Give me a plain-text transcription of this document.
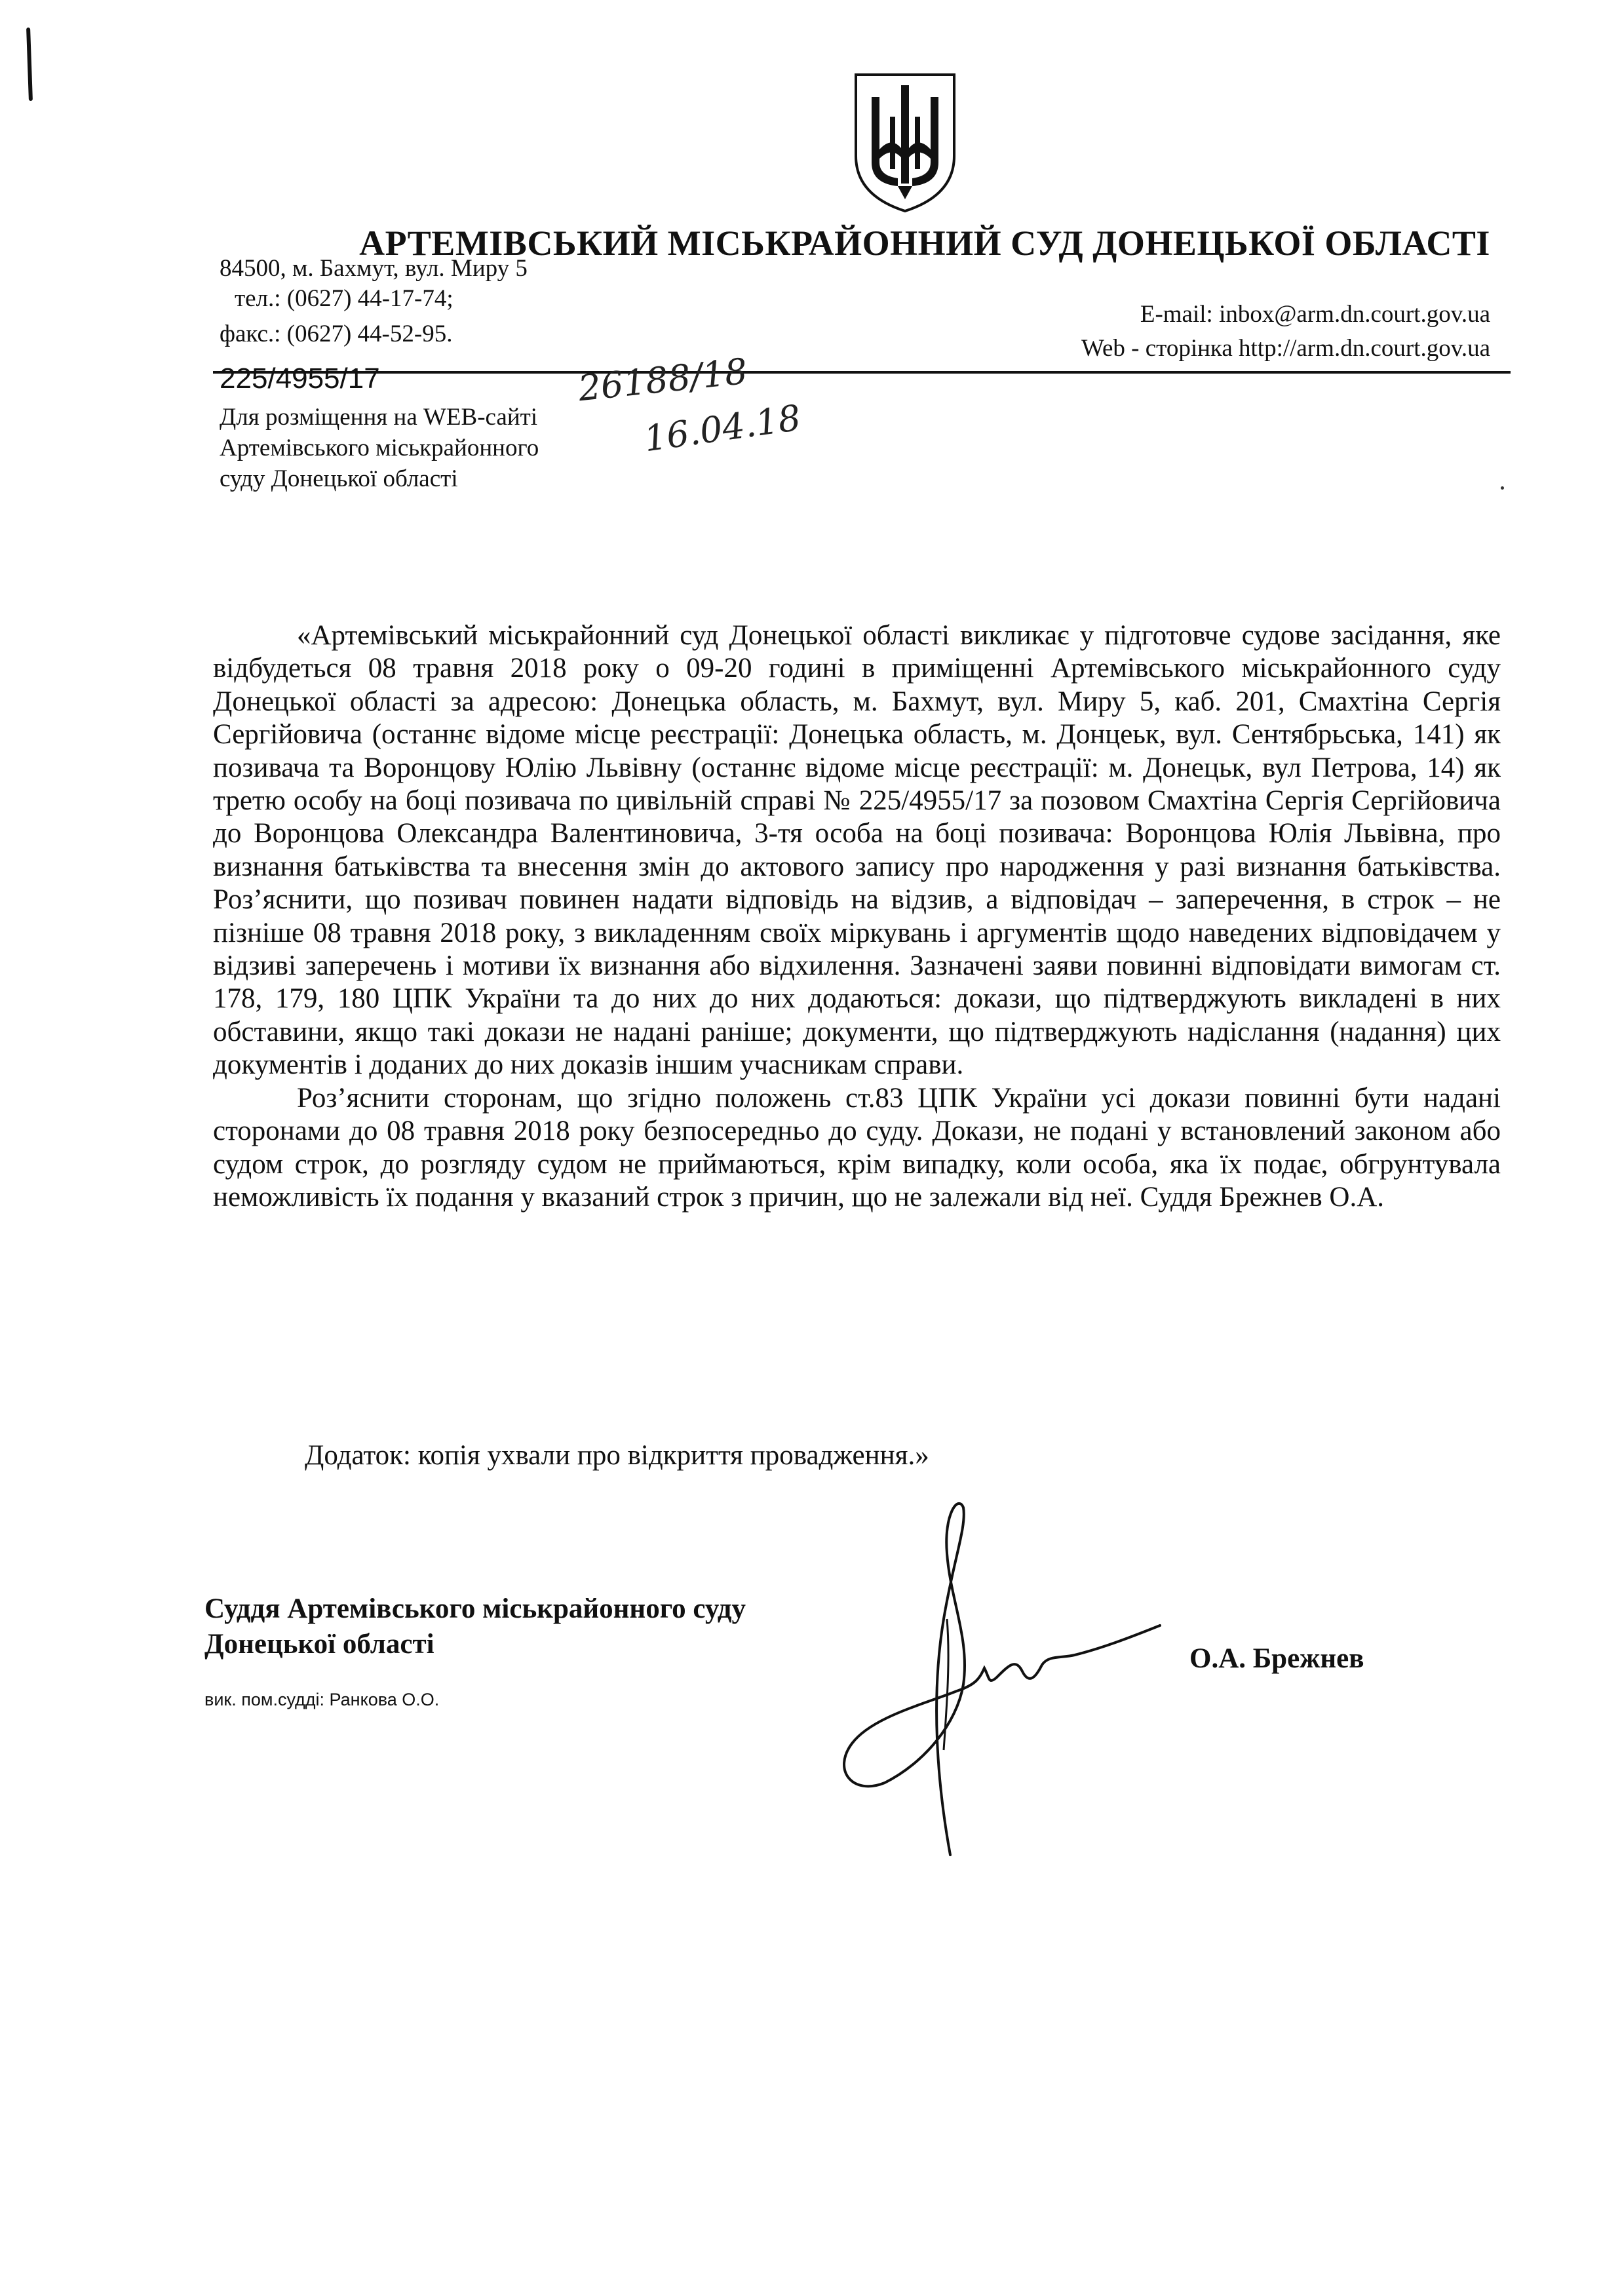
АРТЕМІВСЬКИЙ МІСЬКРАЙОННИЙ СУД ДОНЕЦЬКОЇ ОБЛАСТІ
84500, м. Бахмут, вул. Миру 5
тел.: (0627) 44-17-74;
факс.: (0627) 44-52-95.
E-mail: inbox@arm.dn.court.gov.ua
Web - сторінка http://arm.dn.court.gov.ua
225/4955/17	26188/18
16.04.18
Для розміщення на WEB-сайті
Артемівського міськрайонного
суду Донецької області

«Артемівський міськрайонний суд Донецької області викликає у підготовче судове засідання, яке відбудеться 08 травня 2018 року о 09-20 годині в приміщенні Артемівського міськрайонного суду Донецької області за адресою: Донецька область, м. Бахмут, вул. Миру 5, каб. 201, Смахтіна Сергія Сергійовича (останнє відоме місце реєстрації: Донецька область, м. Донцеьк, вул. Сентябрьська, 141) як позивача та Воронцову Юлію Львівну (останнє відоме місце реєстрації: м. Донецьк, вул Петрова, 14) як третю особу на боці позивача по цивільній справі № 225/4955/17 за позовом Смахтіна Сергія Сергійовича до Воронцова Олександра Валентиновича, 3-тя особа на боці позивача: Воронцова Юлія Львівна, про визнання батьківства та внесення змін до актового запису про народження у разі визнання батьківства. Роз’яснити, що позивач повинен надати відповідь на відзив, а відповідач – заперечення, в строк – не пізніше 08 травня 2018 року, з викладенням своїх міркувань і аргументів щодо наведених відповідачем у відзиві заперечень і мотиви їх визнання або відхилення. Зазначені заяви повинні відповідати вимогам ст. 178, 179, 180 ЦПК України та до них до них додаються: докази, що підтверджують викладені в них обставини, якщо такі докази не надані раніше; документи, що підтверджують надіслання (надання) цих документів і доданих до них доказів іншим учасникам справи.

Роз’яснити сторонам, що згідно положень ст.83 ЦПК України усі докази повинні бути надані сторонами до 08 травня 2018 року безпосередньо до суду. Докази, не подані у встановлений законом або судом строк, до розгляду судом не приймаються, крім випадку, коли особа, яка їх подає, обгрунтувала неможливість їх подання у вказаний строк з причин, що не залежали від неї. Суддя Брежнев О.А.

Додаток: копія ухвали про відкриття провадження.»
Суддя Артемівського міськрайонного суду
Донецької області	О.А. Брежнев
вик. пом.судді: Ранкова О.О.
